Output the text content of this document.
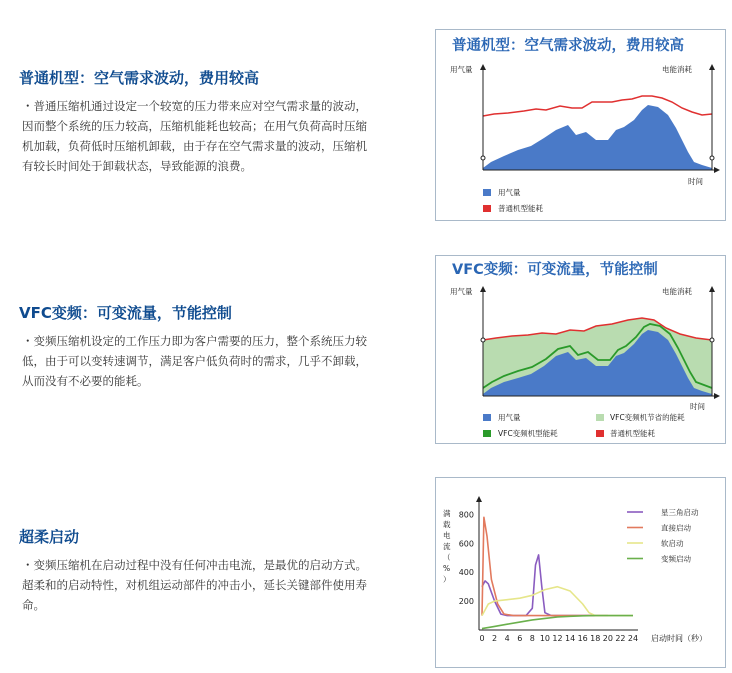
普通机型：空气需求波动，费用较高
・普通压缩机通过设定一个较宽的压力带来应对空气需求量的波动，因而整个系统的压力较高，压缩机能耗也较高；在用气负荷高时压缩机加载，负荷低时压缩机卸载，由于存在空气需求量的波动，压缩机有较长时间处于卸载状态，导致能源的浪费。
VFC变频：可变流量，节能控制
・变频压缩机设定的工作压力即为客户需要的压力，整个系统压力较低，由于可以变转速调节，满足客户低负荷时的需求，几乎不卸载，从而没有不必要的能耗。
超柔启动
・变频压缩机在启动过程中没有任何冲击电流，是最优的启动方式。超柔和的启动特性，对机组运动部件的冲击小，延长关键部件使用寿命。
普通机型：空气需求波动，费用较高
用气量	电能消耗
时间
用气量
普通机型能耗
VFC变频：可变流量，节能控制
用气量	电能消耗
时间
用气量	VFC变频机节省的能耗
VFC变频机型能耗	普通机型能耗
满载电流（%）
200
400
600
800
0 2 4 6 8 10 12 14 16 18 20 22 24
星三角启动
直接启动
软启动
变频启动
启动时间（秒）
